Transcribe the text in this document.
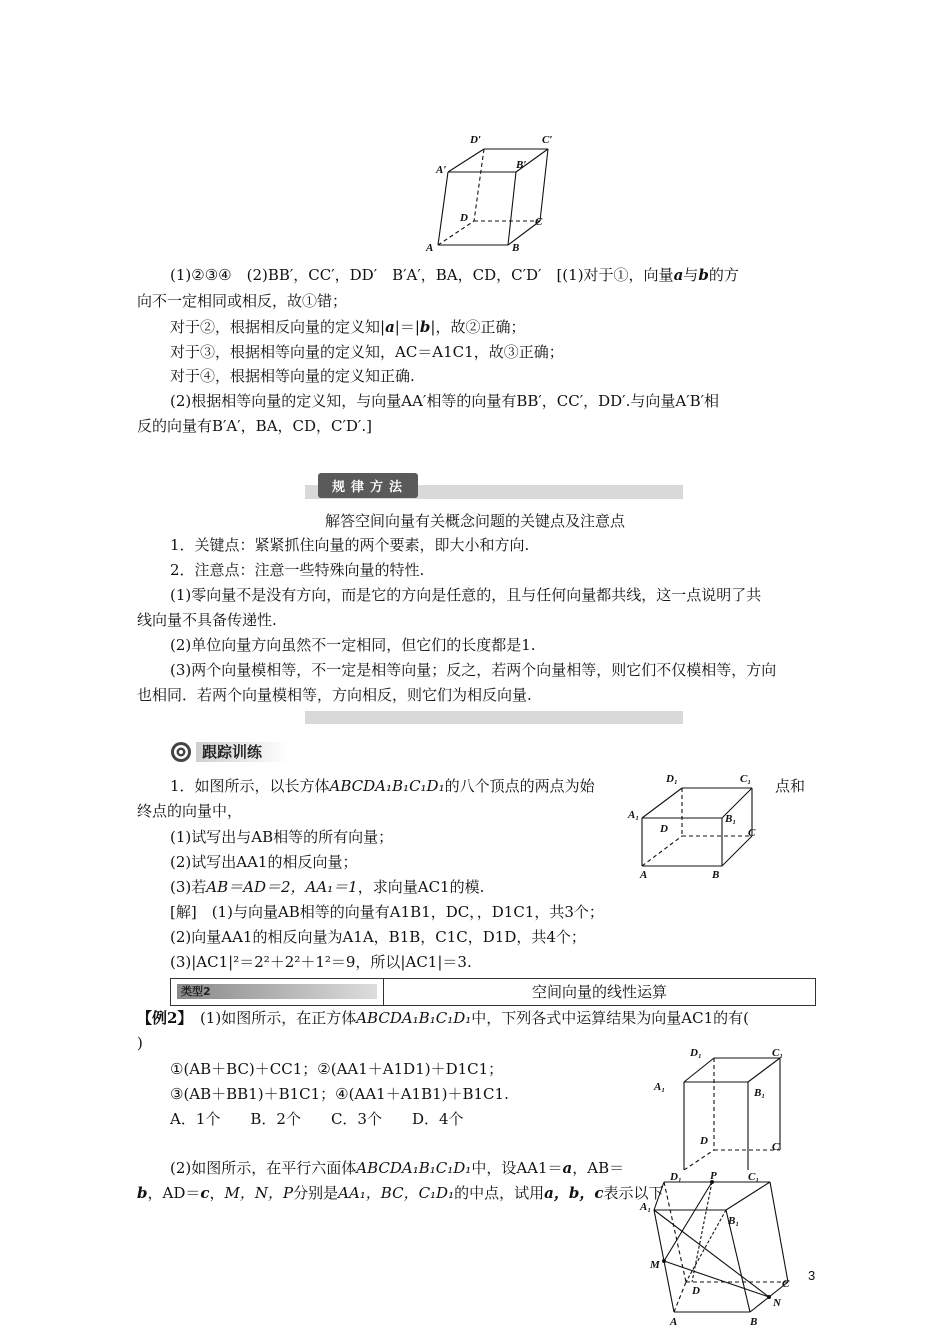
D′	C′
A′	B′
D	C
A	B
(1)②③④　(2)BB′，CC′，DD′　B′A′，BA，CD，C′D′　[(1)对于①，向量a与b的方
向不一定相同或相反，故①错；
对于②，根据相反向量的定义知|a|＝|b|，故②正确；
对于③，根据相等向量的定义知，AC＝A1C1，故③正确；
对于④，根据相等向量的定义知正确.
(2)根据相等向量的定义知，与向量AA′相等的向量有BB′，CC′，DD′.与向量A′B′相
反的向量有B′A′，BA，CD，C′D′.]
规律方法
解答空间向量有关概念问题的关键点及注意点
1．关键点：紧紧抓住向量的两个要素，即大小和方向.
2．注意点：注意一些特殊向量的特性.
(1)零向量不是没有方向，而是它的方向是任意的，且与任何向量都共线，这一点说明了共
线向量不具备传递性.
(2)单位向量方向虽然不一定相同，但它们的长度都是1.
(3)两个向量模相等，不一定是相等向量；反之，若两个向量相等，则它们不仅模相等，方向
也相同．若两个向量模相等，方向相反，则它们为相反向量.
跟踪训练
1．如图所示，以长方体ABCDA₁B₁C₁D₁的八个顶点的两点为始	点和
终点的向量中，
(1)试写出与AB相等的所有向量；
(2)试写出AA1的相反向量；
(3)若AB＝AD＝2，AA₁＝1，求向量AC1的模.
[解]　(1)与向量AB相等的向量有A1B1，DC，，D1C1，共3个；
(2)向量AA1的相反向量为A1A，B1B，C1C，D1D，共4个；
(3)|AC1|²＝2²＋2²＋1²＝9，所以|AC1|＝3.
D₁	C₁
A₁	B₁
D	C
A	B
类型2	空间向量的线性运算
【例2】　 (1)如图所示，在正方体ABCDA₁B₁C₁D₁中，下列各式中运算结果为向量AC1的有(
)
①(AB＋BC)＋CC1；②(AA1＋A1D1)＋D1C1；
③(AB＋BB1)＋B1C1；④(AA1＋A1B1)＋B1C1.
A．1个　　B．2个　　C．3个　　D．4个
(2)如图所示，在平行六面体ABCDA₁B₁C₁D₁中，设AA1＝a，AB＝
b，AD＝c，M，N，P分别是AA₁，BC，C₁D₁的中点，试用a，b，c表示以下
D₁	C₁
A₁	B₁
D	C
D₁	P	C₁
A₁
B₁
M
C
D
N
A	B
3
